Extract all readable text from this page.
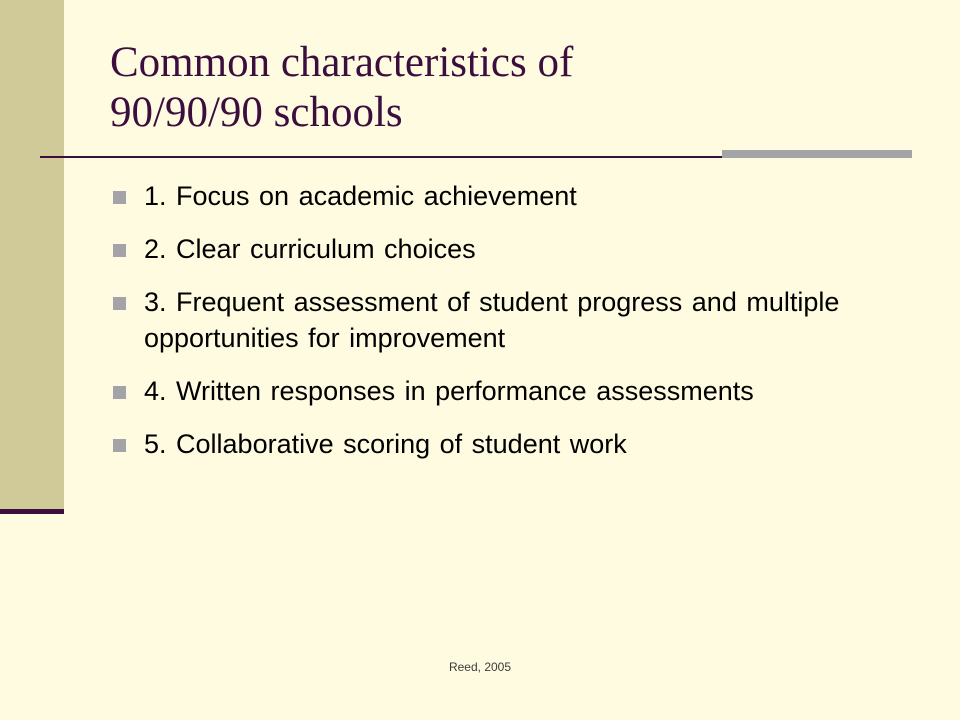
Common characteristics of
90/90/90 schools
1. Focus on academic achievement
2. Clear curriculum choices
3. Frequent assessment of student progress and multiple opportunities for improvement
4. Written responses in performance assessments
5. Collaborative scoring of student work
Reed, 2005
